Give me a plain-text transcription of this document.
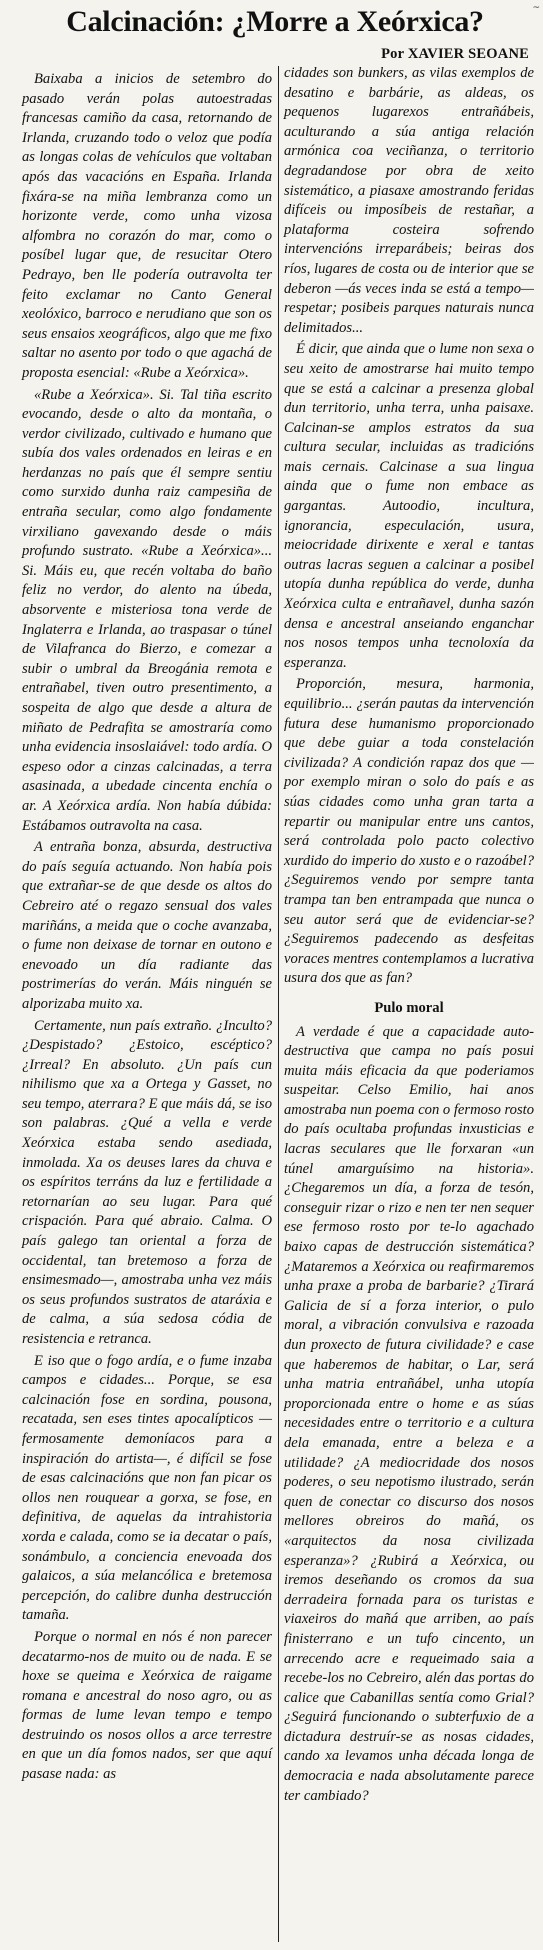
~
Calcinación: ¿Morre a Xeórxica?
Por XAVIER SEOANE

Baixaba a inicios de setembro do pasado verán polas autoestradas francesas camiño da casa, retornando de Irlanda, cruzando todo o veloz que podía as longas colas de vehículos que voltaban após das vacacións en España. Irlanda fixára-se na miña lembranza como un horizonte verde, como unha vizosa alfombra no corazón do mar, como o posíbel lugar que, de resucitar Otero Pedrayo, ben lle podería outravolta ter feito exclamar no Canto General xeolóxico, barroco e nerudiano que son os seus ensaios xeográficos, algo que me fixo saltar no asento por todo o que agachá de proposta esencial: «Rube a Xeórxica».

«Rube a Xeórxica». Si. Tal tiña escrito evocando, desde o alto da montaña, o verdor civilizado, cultivado e humano que subía dos vales ordenados en leiras e en herdanzas no país que él sempre sentiu como surxido dunha raiz campesiña de entraña secular, como algo fondamente virxiliano gavexando desde o máis profundo sustrato. «Rube a Xeórxica»... Si. Máis eu, que recén voltaba do baño feliz no verdor, do alento na úbeda, absorvente e misteriosa tona verde de Inglaterra e Irlanda, ao traspasar o túnel de Vilafranca do Bierzo, e comezar a subir o umbral da Breogánia remota e entrañabel, tiven outro presentimento, a sospeita de algo que desde a altura de miñato de Pedrafita se amostraría como unha evidencia insoslaiável: todo ardía. O espeso odor a cinzas calcinadas, a terra asasinada, a ubedade cincenta enchía o ar. A Xeórxica ardía. Non había dúbida: Estábamos outravolta na casa.

A entraña bonza, absurda, destructiva do país seguía actuando. Non había pois que extrañar-se de que desde os altos do Cebreiro até o regazo sensual dos vales mariñáns, a meida que o coche avanzaba, o fume non deixase de tornar en outono e enevoado un día radiante das postrimerías do verán. Máis ninguén se alporizaba muito xa.

Certamente, nun país extraño. ¿Inculto? ¿Despistado? ¿Estoico, escéptico? ¿Irreal? En absoluto. ¿Un país cun nihilismo que xa a Ortega y Gasset, no seu tempo, aterrara? E que máis dá, se iso son palabras. ¿Qué a vella e verde Xeórxica estaba sendo asediada, inmolada. Xa os deuses lares da chuva e os espíritos terráns da luz e fertilidade a retornarían ao seu lugar. Para qué crispación. Para qué abraio. Calma. O país galego tan oriental a forza de occidental, tan bretemoso a forza de ensimesmado—, amostraba unha vez máis os seus profundos sustratos de ataráxia e de calma, a súa sedosa códia de resistencia e retranca.

E iso que o fogo ardía, e o fume inzaba campos e cidades... Porque, se esa calcinación fose en sordina, pousona, recatada, sen eses tintes apocalípticos —fermosamente demoníacos para a inspiración do artista—, é difícil se fose de esas calcinacións que non fan picar os ollos nen rouquear a gorxa, se fose, en definitiva, de aquelas da intrahistoria xorda e calada, como se ia decatar o país, sonámbulo, a conciencia enevoada dos galaicos, a súa melancólica e bretemosa percepción, do calibre dunha destrucción tamaña.

Porque o normal en nós é non parecer decatarmo-nos de muito ou de nada. E se hoxe se queima e Xeórxica de raigame romana e ancestral do noso agro, ou as formas de lume levan tempo e tempo destruindo os nosos ollos a arce terrestre en que un día fomos nados, ser que aquí pasase nada: as

cidades son bunkers, as vilas exemplos de desatino e barbárie, as aldeas, os pequenos lugarexos entrañábeis, aculturando a súa antiga relación armónica coa veciñanza, o territorio degradandose por obra de xeito sistemático, a piasaxe amostrando feridas difíceis ou imposíbeis de restañar, a plataforma costeira sofrendo intervencións irreparábeis; beiras dos ríos, lugares de costa ou de interior que se deberon —ás veces inda se está a tempo— respetar; posibeis parques naturais nunca delimitados...

É dicir, que ainda que o lume non sexa o seu xeito de amostrarse hai muito tempo que se está a calcinar a presenza global dun territorio, unha terra, unha paisaxe. Calcinan-se amplos estratos da sua cultura secular, incluidas as tradicións mais cernais. Calcinase a sua lingua ainda que o fume non embace as gargantas. Autoodio, incultura, ignorancia, especulación, usura, meiocridade dirixente e xeral e tantas outras lacras seguen a calcinar a posibel utopía dunha república do verde, dunha Xeórxica culta e entrañavel, dunha sazón densa e ancestral anseiando enganchar nos nosos tempos unha tecnoloxía da esperanza.

Proporción, mesura, harmonia, equilibrio... ¿serán pautas da intervención futura dese humanismo proporcionado que debe guiar a toda constelación civilizada? A condición rapaz dos que —por exemplo miran o solo do país e as súas cidades como unha gran tarta a repartir ou manipular entre uns cantos, será controlada polo pacto colectivo xurdido do imperio do xusto e o razoábel? ¿Seguiremos vendo por sempre tanta trampa tan ben entrampada que nunca o seu autor será que de evidenciar-se? ¿Seguiremos padecendo as desfeitas voraces mentres contemplamos a lucrativa usura dos que as fan?

Pulo moral

A verdade é que a capacidade auto-destructiva que campa no país posui muita máis eficacia da que poderiamos suspeitar. Celso Emilio, hai anos amostraba nun poema con o fermoso rosto do país ocultaba profundas inxusticias e lacras seculares que lle forxaran «un túnel amarguísimo na historia». ¿Chegaremos un día, a forza de tesón, conseguir rizar o rizo e nen ter nen sequer ese fermoso rosto por te-lo agachado baixo capas de destrucción sistemática? ¿Mataremos a Xeórxica ou reafirmaremos unha praxe a proba de barbarie? ¿Tirará Galicia de sí a forza interior, o pulo moral, a vibración convulsiva e razoada dun proxecto de futura civilidade? e case que haberemos de habitar, o Lar, será unha matria entrañábel, unha utopía proporcionada entre o home e as súas necesidades entre o territorio e a cultura dela emanada, entre a beleza e a utilidade? ¿A mediocridade dos nosos poderes, o seu nepotismo ilustrado, serán quen de conectar co discurso dos nosos mellores obreiros do mañá, os «arquitectos da nosa civilizada esperanza»? ¿Rubirá a Xeórxica, ou iremos deseñando os cromos da sua derradeira fornada para os turistas e viaxeiros do mañá que arriben, ao país finisterrano e un tufo cincento, un arrecendo acre e requeimado saia a recebe-los no Cebreiro, alén das portas do calice que Cabanillas sentía como Grial? ¿Seguirá funcionando o subterfuxio de a dictadura destruír-se as nosas cidades, cando xa levamos unha década longa de democracia e nada absolutamente parece ter cambiado?
